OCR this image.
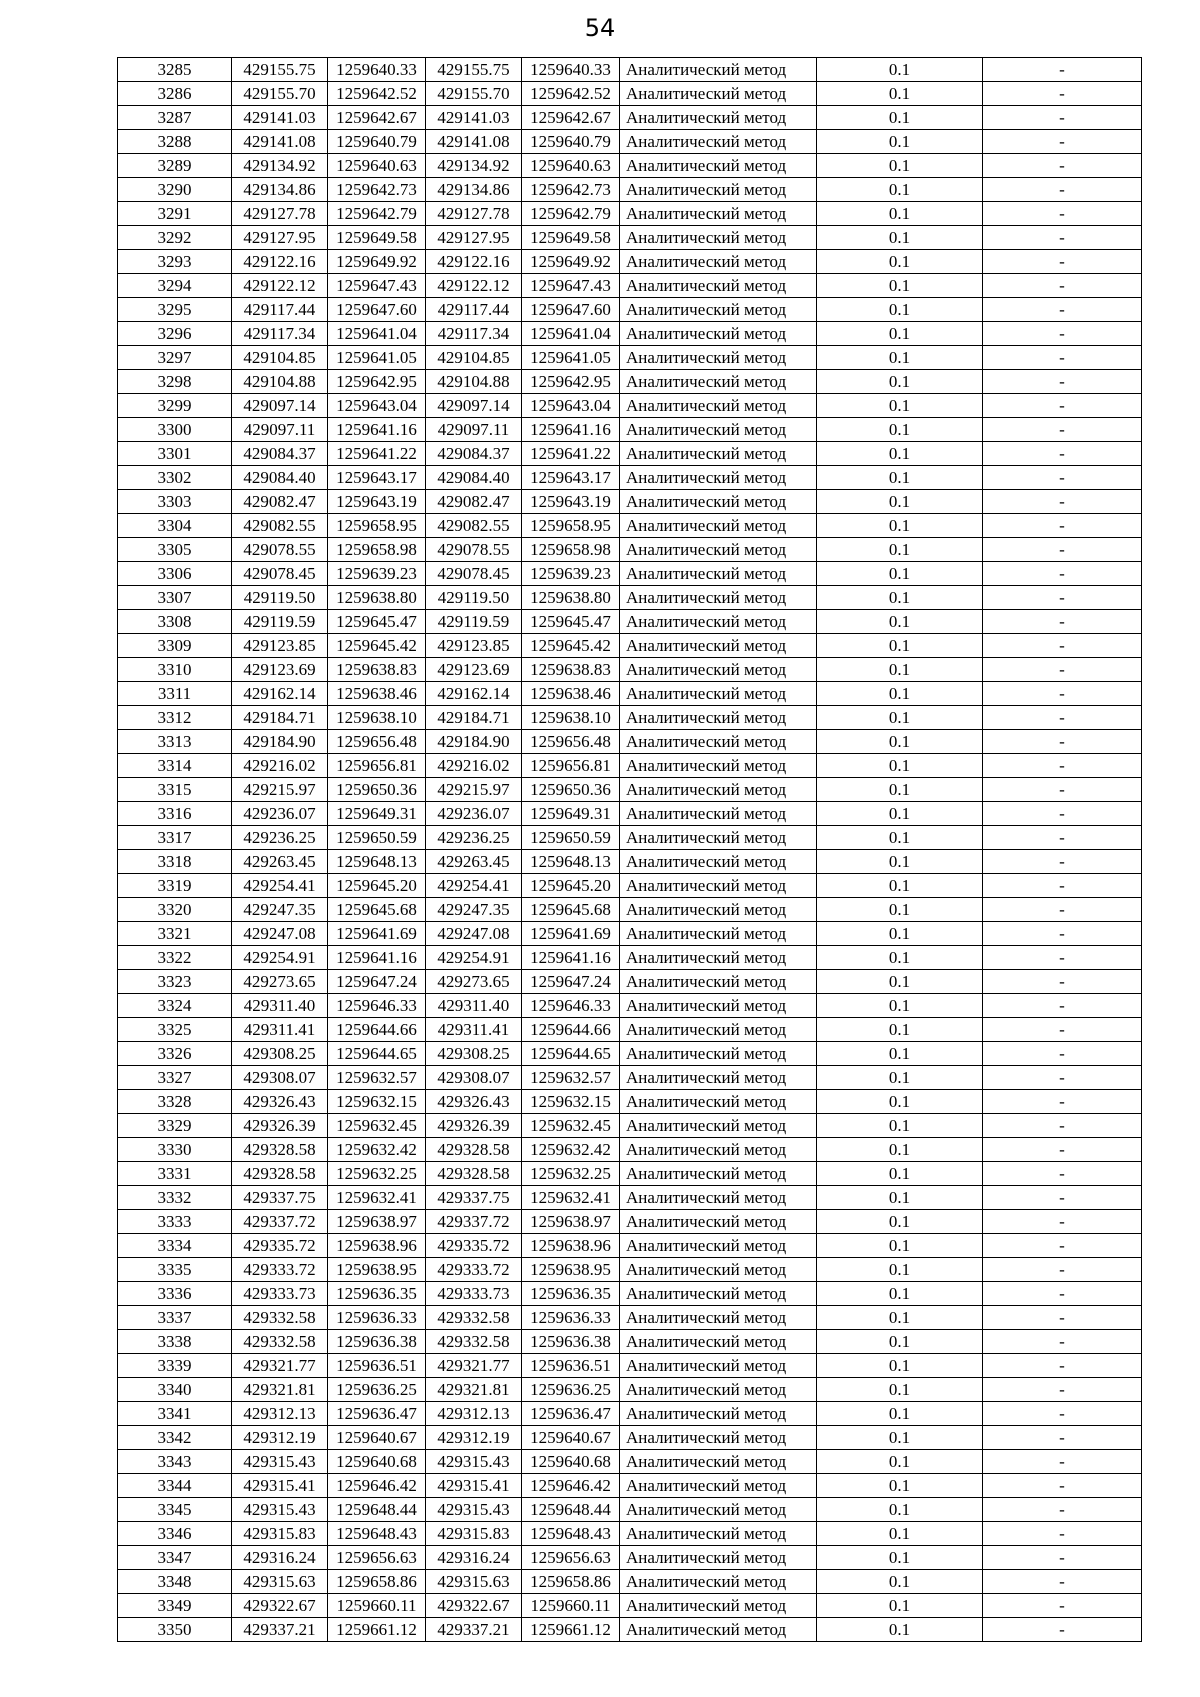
54
3285	429155.75	1259640.33	429155.75	1259640.33	Аналитический метод	0.1	-
3286	429155.70	1259642.52	429155.70	1259642.52	Аналитический метод	0.1	-
3287	429141.03	1259642.67	429141.03	1259642.67	Аналитический метод	0.1	-
3288	429141.08	1259640.79	429141.08	1259640.79	Аналитический метод	0.1	-
3289	429134.92	1259640.63	429134.92	1259640.63	Аналитический метод	0.1	-
3290	429134.86	1259642.73	429134.86	1259642.73	Аналитический метод	0.1	-
3291	429127.78	1259642.79	429127.78	1259642.79	Аналитический метод	0.1	-
3292	429127.95	1259649.58	429127.95	1259649.58	Аналитический метод	0.1	-
3293	429122.16	1259649.92	429122.16	1259649.92	Аналитический метод	0.1	-
3294	429122.12	1259647.43	429122.12	1259647.43	Аналитический метод	0.1	-
3295	429117.44	1259647.60	429117.44	1259647.60	Аналитический метод	0.1	-
3296	429117.34	1259641.04	429117.34	1259641.04	Аналитический метод	0.1	-
3297	429104.85	1259641.05	429104.85	1259641.05	Аналитический метод	0.1	-
3298	429104.88	1259642.95	429104.88	1259642.95	Аналитический метод	0.1	-
3299	429097.14	1259643.04	429097.14	1259643.04	Аналитический метод	0.1	-
3300	429097.11	1259641.16	429097.11	1259641.16	Аналитический метод	0.1	-
3301	429084.37	1259641.22	429084.37	1259641.22	Аналитический метод	0.1	-
3302	429084.40	1259643.17	429084.40	1259643.17	Аналитический метод	0.1	-
3303	429082.47	1259643.19	429082.47	1259643.19	Аналитический метод	0.1	-
3304	429082.55	1259658.95	429082.55	1259658.95	Аналитический метод	0.1	-
3305	429078.55	1259658.98	429078.55	1259658.98	Аналитический метод	0.1	-
3306	429078.45	1259639.23	429078.45	1259639.23	Аналитический метод	0.1	-
3307	429119.50	1259638.80	429119.50	1259638.80	Аналитический метод	0.1	-
3308	429119.59	1259645.47	429119.59	1259645.47	Аналитический метод	0.1	-
3309	429123.85	1259645.42	429123.85	1259645.42	Аналитический метод	0.1	-
3310	429123.69	1259638.83	429123.69	1259638.83	Аналитический метод	0.1	-
3311	429162.14	1259638.46	429162.14	1259638.46	Аналитический метод	0.1	-
3312	429184.71	1259638.10	429184.71	1259638.10	Аналитический метод	0.1	-
3313	429184.90	1259656.48	429184.90	1259656.48	Аналитический метод	0.1	-
3314	429216.02	1259656.81	429216.02	1259656.81	Аналитический метод	0.1	-
3315	429215.97	1259650.36	429215.97	1259650.36	Аналитический метод	0.1	-
3316	429236.07	1259649.31	429236.07	1259649.31	Аналитический метод	0.1	-
3317	429236.25	1259650.59	429236.25	1259650.59	Аналитический метод	0.1	-
3318	429263.45	1259648.13	429263.45	1259648.13	Аналитический метод	0.1	-
3319	429254.41	1259645.20	429254.41	1259645.20	Аналитический метод	0.1	-
3320	429247.35	1259645.68	429247.35	1259645.68	Аналитический метод	0.1	-
3321	429247.08	1259641.69	429247.08	1259641.69	Аналитический метод	0.1	-
3322	429254.91	1259641.16	429254.91	1259641.16	Аналитический метод	0.1	-
3323	429273.65	1259647.24	429273.65	1259647.24	Аналитический метод	0.1	-
3324	429311.40	1259646.33	429311.40	1259646.33	Аналитический метод	0.1	-
3325	429311.41	1259644.66	429311.41	1259644.66	Аналитический метод	0.1	-
3326	429308.25	1259644.65	429308.25	1259644.65	Аналитический метод	0.1	-
3327	429308.07	1259632.57	429308.07	1259632.57	Аналитический метод	0.1	-
3328	429326.43	1259632.15	429326.43	1259632.15	Аналитический метод	0.1	-
3329	429326.39	1259632.45	429326.39	1259632.45	Аналитический метод	0.1	-
3330	429328.58	1259632.42	429328.58	1259632.42	Аналитический метод	0.1	-
3331	429328.58	1259632.25	429328.58	1259632.25	Аналитический метод	0.1	-
3332	429337.75	1259632.41	429337.75	1259632.41	Аналитический метод	0.1	-
3333	429337.72	1259638.97	429337.72	1259638.97	Аналитический метод	0.1	-
3334	429335.72	1259638.96	429335.72	1259638.96	Аналитический метод	0.1	-
3335	429333.72	1259638.95	429333.72	1259638.95	Аналитический метод	0.1	-
3336	429333.73	1259636.35	429333.73	1259636.35	Аналитический метод	0.1	-
3337	429332.58	1259636.33	429332.58	1259636.33	Аналитический метод	0.1	-
3338	429332.58	1259636.38	429332.58	1259636.38	Аналитический метод	0.1	-
3339	429321.77	1259636.51	429321.77	1259636.51	Аналитический метод	0.1	-
3340	429321.81	1259636.25	429321.81	1259636.25	Аналитический метод	0.1	-
3341	429312.13	1259636.47	429312.13	1259636.47	Аналитический метод	0.1	-
3342	429312.19	1259640.67	429312.19	1259640.67	Аналитический метод	0.1	-
3343	429315.43	1259640.68	429315.43	1259640.68	Аналитический метод	0.1	-
3344	429315.41	1259646.42	429315.41	1259646.42	Аналитический метод	0.1	-
3345	429315.43	1259648.44	429315.43	1259648.44	Аналитический метод	0.1	-
3346	429315.83	1259648.43	429315.83	1259648.43	Аналитический метод	0.1	-
3347	429316.24	1259656.63	429316.24	1259656.63	Аналитический метод	0.1	-
3348	429315.63	1259658.86	429315.63	1259658.86	Аналитический метод	0.1	-
3349	429322.67	1259660.11	429322.67	1259660.11	Аналитический метод	0.1	-
3350	429337.21	1259661.12	429337.21	1259661.12	Аналитический метод	0.1	-
